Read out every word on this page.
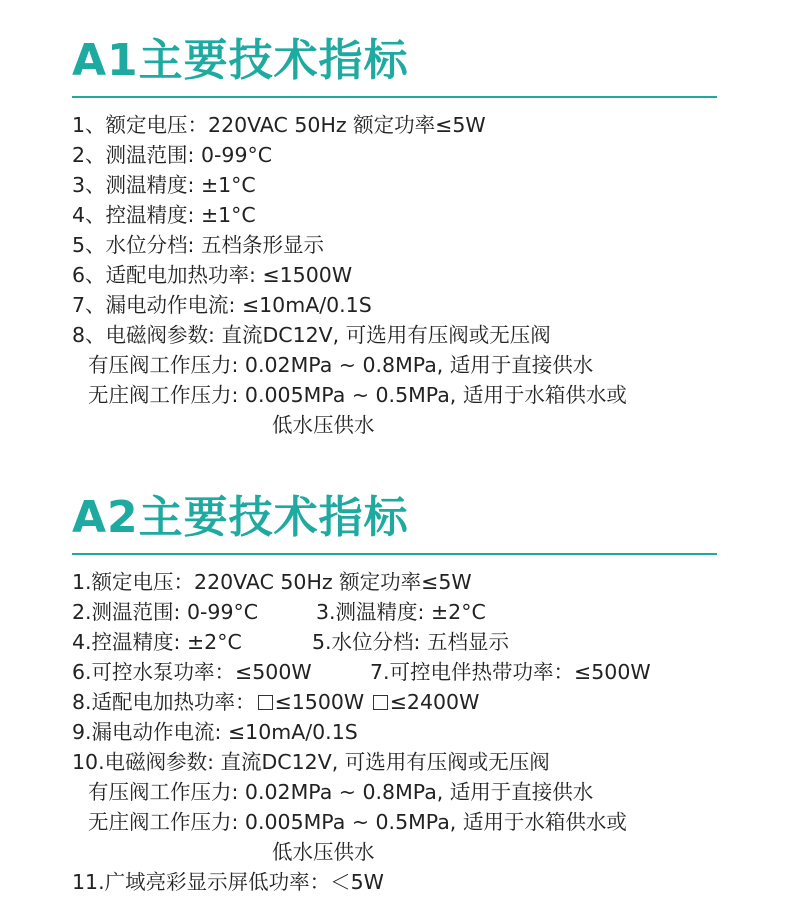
A1主要技术指标
1、额定电压：220VAC 50Hz 额定功率≤5W
2、测温范围: 0-99°C
3、测温精度: ±1°C
4、控温精度: ±1°C
5、水位分档: 五档条形显示
6、适配电加热功率: ≤1500W
7、漏电动作电流: ≤10mA/0.1S
8、电磁阀参数: 直流DC12V, 可选用有压阀或无压阀
有压阀工作压力: 0.02MPa ~ 0.8MPa, 适用于直接供水
无庄阀工作压力: 0.005MPa ~ 0.5MPa, 适用于水箱供水或
低水压供水
A2主要技术指标
1.额定电压：220VAC 50Hz 额定功率≤5W
2.测温范围: 0-99°C	3.测温精度: ±2°C
4.控温精度: ±2°C	5.水位分档: 五档显示
6.可控水泵功率：≤500W	7.可控电伴热带功率：≤500W
8.适配电加热功率： ≤1500W ≤2400W
9.漏电动作电流: ≤10mA/0.1S
10.电磁阀参数: 直流DC12V, 可选用有压阀或无压阀
有压阀工作压力: 0.02MPa ~ 0.8MPa, 适用于直接供水
无庄阀工作压力: 0.005MPa ~ 0.5MPa, 适用于水箱供水或
低水压供水
11.广域亮彩显示屏低功率：＜5W
